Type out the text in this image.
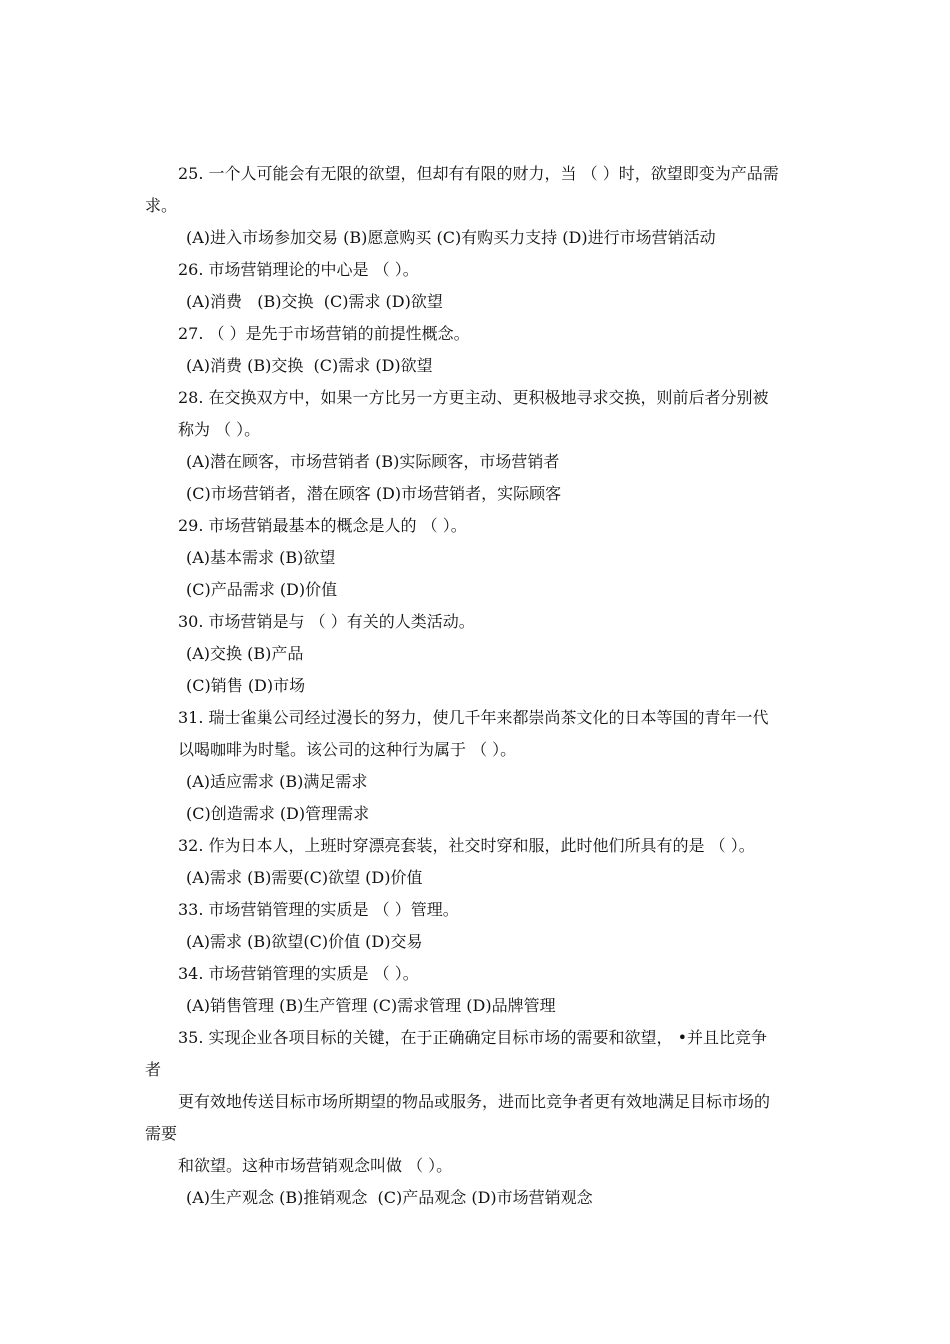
25. 一个人可能会有无限的欲望，但却有有限的财力，当 （ ）时，欲望即变为产品需
求。
(A)进入市场参加交易 (B)愿意购买 (C)有购买力支持 (D)进行市场营销活动
26. 市场营销理论的中心是 （ ）。
(A)消费   (B)交换  (C)需求 (D)欲望
27. （ ）是先于市场营销的前提性概念。
(A)消费 (B)交换  (C)需求 (D)欲望
28. 在交换双方中，如果一方比另一方更主动、更积极地寻求交换，则前后者分别被
称为 （ ）。
(A)潜在顾客，市场营销者 (B)实际顾客，市场营销者
(C)市场营销者，潜在顾客 (D)市场营销者，实际顾客
29. 市场营销最基本的概念是人的 （ ）。
(A)基本需求 (B)欲望
(C)产品需求 (D)价值
30. 市场营销是与 （ ）有关的人类活动。
(A)交换 (B)产品
(C)销售 (D)市场
31. 瑞士雀巢公司经过漫长的努力，使几千年来都崇尚茶文化的日本等国的青年一代
以喝咖啡为时髦。该公司的这种行为属于 （ ）。
(A)适应需求 (B)满足需求
(C)创造需求 (D)管理需求
32. 作为日本人，上班时穿漂亮套装，社交时穿和服，此时他们所具有的是 （ ）。
(A)需求 (B)需要(C)欲望 (D)价值
33. 市场营销管理的实质是 （ ）管理。
(A)需求 (B)欲望(C)价值 (D)交易
34. 市场营销管理的实质是 （ ）。
(A)销售管理 (B)生产管理 (C)需求管理 (D)品牌管理
35. 实现企业各项目标的关键，在于正确确定目标市场的需要和欲望， •并且比竞争
者
更有效地传送目标市场所期望的物品或服务，进而比竞争者更有效地满足目标市场的
需要
和欲望。这种市场营销观念叫做 （ ）。
(A)生产观念 (B)推销观念  (C)产品观念 (D)市场营销观念
